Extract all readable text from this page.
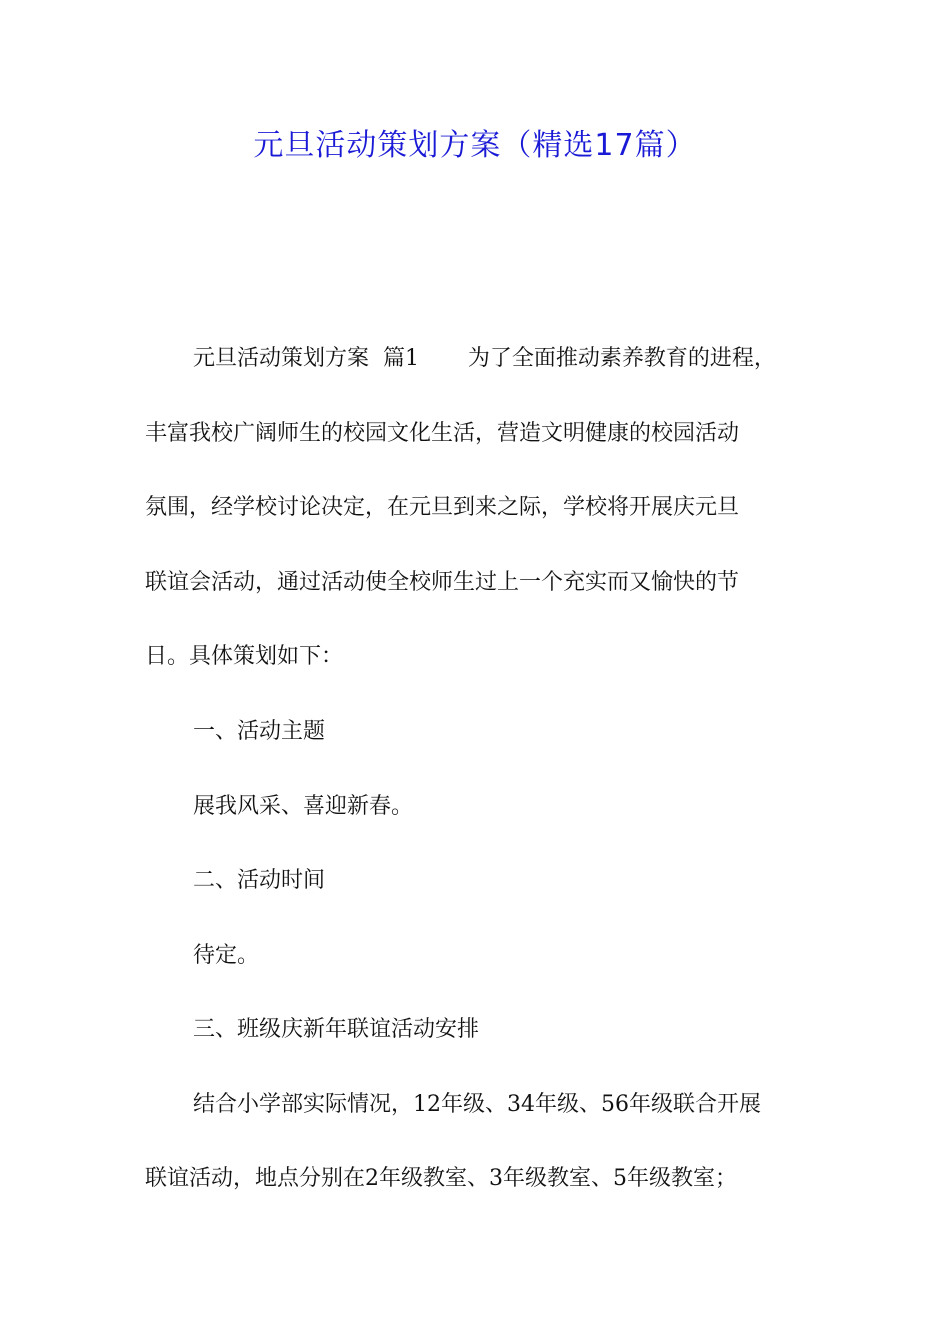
元旦活动策划方案（精选17篇）

元旦活动策划方案  篇1       为了全面推动素养教育的进程，

丰富我校广阔师生的校园文化生活，营造文明健康的校园活动

氛围，经学校讨论决定，在元旦到来之际，学校将开展庆元旦

联谊会活动，通过活动使全校师生过上一个充实而又愉快的节

日。具体策划如下：

一、活动主题

展我风采、喜迎新春。

二、活动时间

待定。

三、班级庆新年联谊活动安排

结合小学部实际情况，12年级、34年级、56年级联合开展

联谊活动，地点分别在2年级教室、3年级教室、5年级教室；
